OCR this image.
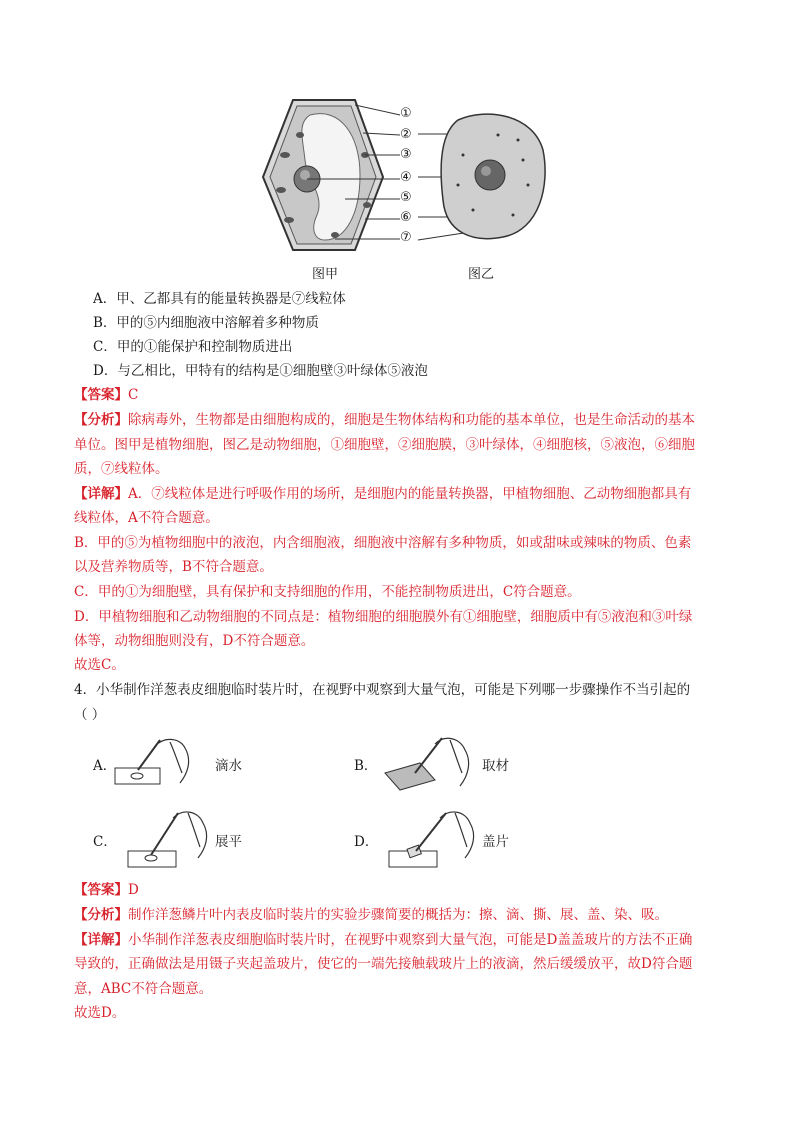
①
②
③
④
⑤
⑥
⑦
图甲	图乙
A．甲、乙都具有的能量转换器是⑦线粒体
B．甲的⑤内细胞液中溶解着多种物质
C．甲的①能保护和控制物质进出
D．与乙相比，甲特有的结构是①细胞壁③叶绿体⑤液泡
【答案】C
【分析】除病毒外，生物都是由细胞构成的，细胞是生物体结构和功能的基本单位，也是生命活动的基本
单位。图甲是植物细胞，图乙是动物细胞，①细胞壁，②细胞膜，③叶绿体，④细胞核，⑤液泡，⑥细胞
质，⑦线粒体。
【详解】A．⑦线粒体是进行呼吸作用的场所，是细胞内的能量转换器，甲植物细胞、乙动物细胞都具有
线粒体，A不符合题意。
B．甲的⑤为植物细胞中的液泡，内含细胞液，细胞液中溶解有多种物质，如或甜味或辣味的物质、色素
以及营养物质等，B不符合题意。
C．甲的①为细胞壁，具有保护和支持细胞的作用，不能控制物质进出，C符合题意。
D．甲植物细胞和乙动物细胞的不同点是：植物细胞的细胞膜外有①细胞壁，细胞质中有⑤液泡和③叶绿
体等，动物细胞则没有，D不符合题意。
故选C。
4．小华制作洋葱表皮细胞临时装片时，在视野中观察到大量气泡，可能是下列哪一步骤操作不当引起的
（ ）
A．	滴水	B．	取材
C．	展平	D．	盖片
【答案】D
【分析】制作洋葱鳞片叶内表皮临时装片的实验步骤简要的概括为：擦、滴、撕、展、盖、染、吸。
【详解】小华制作洋葱表皮细胞临时装片时，在视野中观察到大量气泡，可能是D盖盖玻片的方法不正确
导致的，正确做法是用镊子夹起盖玻片，使它的一端先接触载玻片上的液滴，然后缓缓放平，故D符合题
意，ABC不符合题意。
故选D。
